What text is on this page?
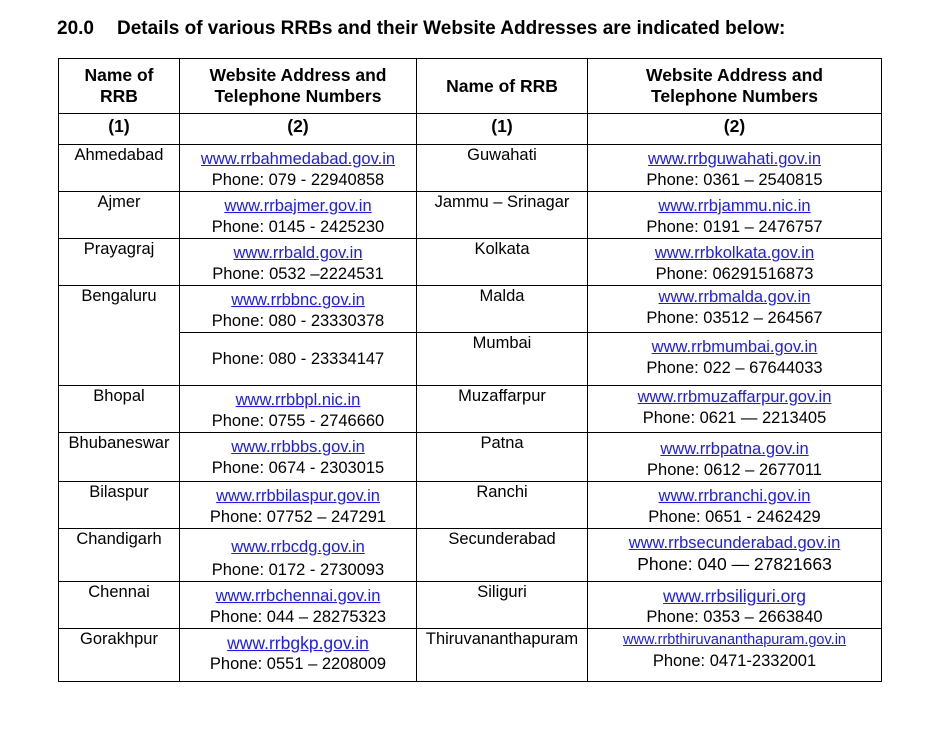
20.0 Details of various RRBs and their Website Addresses are indicated below:
Name of
RRB	Website Address and
Telephone Numbers	Name of RRB	Website Address and
Telephone Numbers
(1)	(2)	(1)	(2)
Ahmedabad	www.rrbahmedabad.gov.in
Phone: 079 - 22940858	Guwahati	www.rrbguwahati.gov.in
Phone: 0361 – 2540815

Ajmer	www.rrbajmer.gov.in
Phone: 0145 - 2425230	Jammu – Srinagar	www.rrbjammu.nic.in
Phone: 0191 – 2476757

Prayagraj	www.rrbald.gov.in
Phone: 0532 –2224531	Kolkata	www.rrbkolkata.gov.in
Phone: 06291516873

Bengaluru	www.rrbbnc.gov.in
Phone: 080 - 23330378	Malda	www.rrbmalda.gov.in
Phone: 03512 – 264567

	Phone: 080 - 23334147	Mumbai	www.rrbmumbai.gov.in
Phone: 022 – 67644033

Bhopal	www.rrbbpl.nic.in
Phone: 0755 - 2746660	Muzaffarpur	www.rrbmuzaffarpur.gov.in
Phone: 0621 — 2213405

Bhubaneswar	www.rrbbbs.gov.in
Phone: 0674 - 2303015	Patna	www.rrbpatna.gov.in
Phone: 0612 – 2677011

Bilaspur	www.rrbbilaspur.gov.in
Phone: 07752 – 247291	Ranchi	www.rrbranchi.gov.in
Phone: 0651 - 2462429

Chandigarh	www.rrbcdg.gov.in
Phone: 0172 - 2730093	Secunderabad	www.rrbsecunderabad.gov.in
Phone: 040 — 27821663

Chennai	www.rrbchennai.gov.in
Phone: 044 – 28275323	Siliguri	www.rrbsiliguri.org
Phone: 0353 – 2663840

Gorakhpur	www.rrbgkp.gov.in
Phone: 0551 – 2208009	Thiruvananthapuram	www.rrbthiruvananthapuram.gov.in
Phone: 0471-2332001
